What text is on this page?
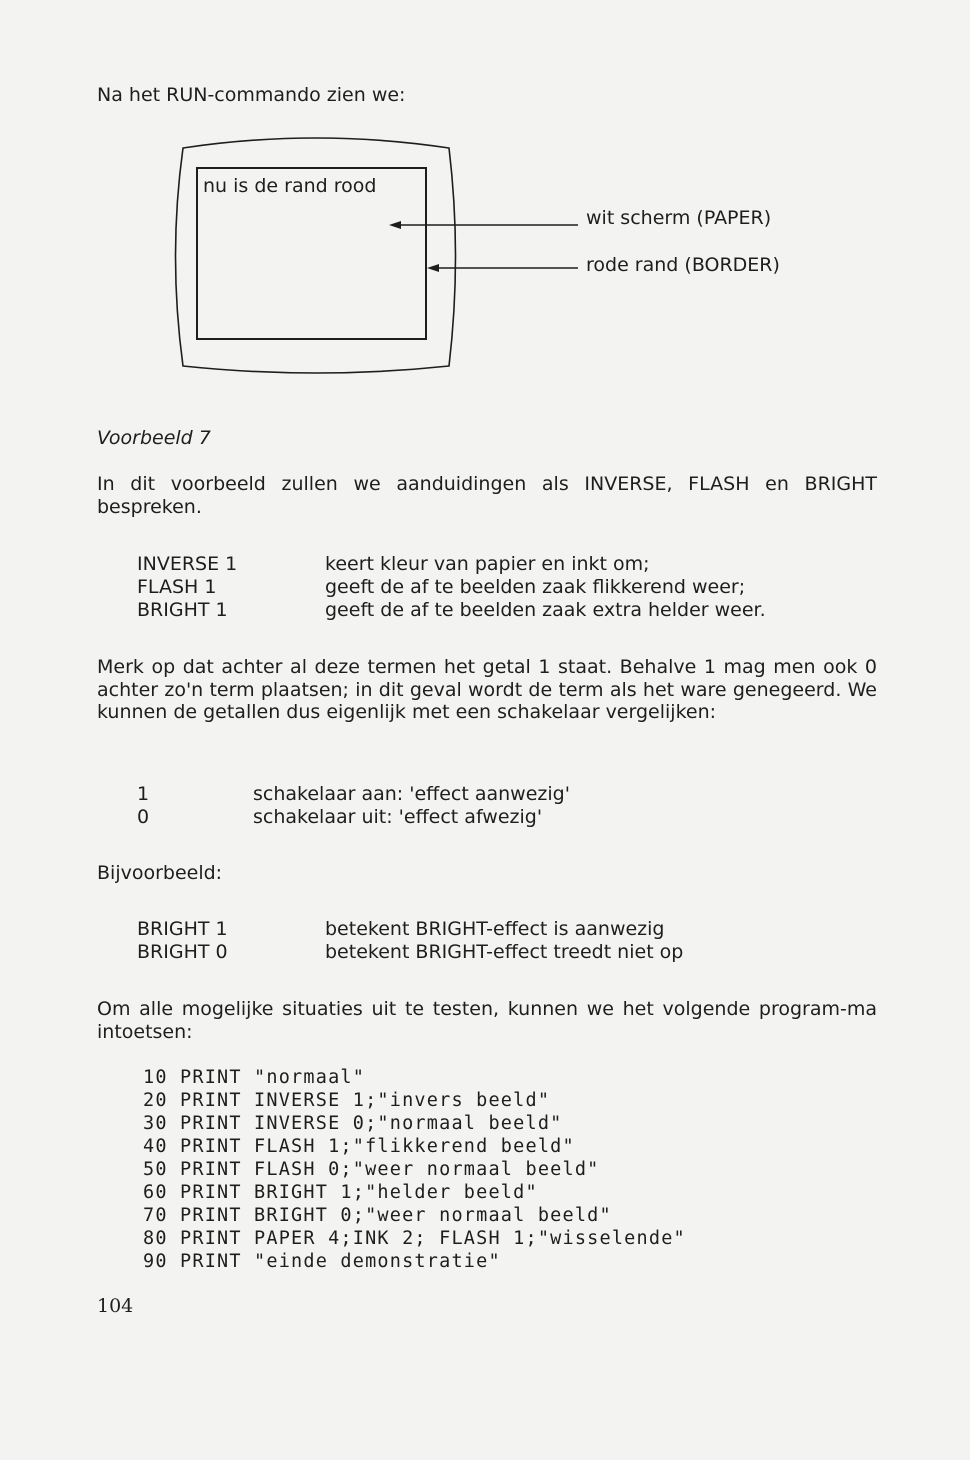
Na het RUN-commando zien we:
nu is de rand rood
wit scherm (PAPER)
rode rand (BORDER)
Voorbeeld 7
In dit voorbeeld zullen we aanduidingen als INVERSE, FLASH en BRIGHT bespreken.
INVERSE 1	keert kleur van papier en inkt om;
FLASH 1	geeft de af te beelden zaak flikkerend weer;
BRIGHT 1	geeft de af te beelden zaak extra helder weer.
Merk op dat achter al deze termen het getal 1 staat. Behalve 1 mag men ook 0 achter zo'n term plaatsen; in dit geval wordt de term als het ware genegeerd. We kunnen de getallen dus eigenlijk met een schakelaar vergelijken:
1	schakelaar aan: 'effect aanwezig'
0	schakelaar uit: 'effect afwezig'
Bijvoorbeeld:
BRIGHT 1	betekent BRIGHT-effect is aanwezig
BRIGHT 0	betekent BRIGHT-effect treedt niet op
Om alle mogelijke situaties uit te testen, kunnen we het volgende program-ma intoetsen:
10 PRINT "normaal"
20 PRINT INVERSE 1;"invers beeld"
30 PRINT INVERSE 0;"normaal beeld"
40 PRINT FLASH 1;"flikkerend beeld"
50 PRINT FLASH 0;"weer normaal beeld"
60 PRINT BRIGHT 1;"helder beeld"
70 PRINT BRIGHT 0;"weer normaal beeld"
80 PRINT PAPER 4;INK 2; FLASH 1;"wisselende"
90 PRINT "einde demonstratie"
104
